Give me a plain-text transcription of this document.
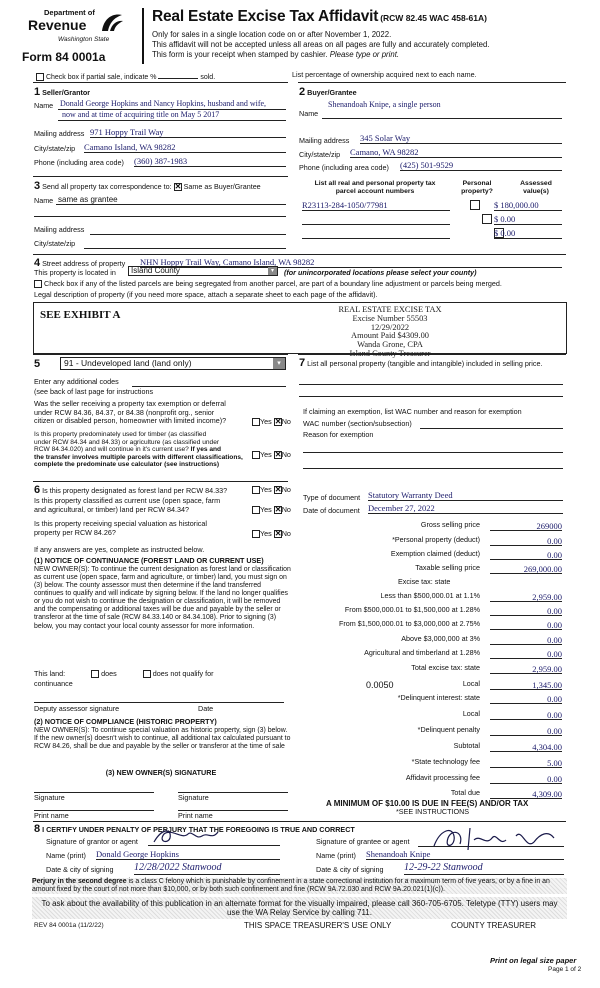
Department of
Revenue
Washington State
Form 84 0001a
Real Estate Excise Tax Affidavit (RCW 82.45 WAC 458-61A)
Only for sales in a single location code on or after November 1, 2022.
This affidavit will not be accepted unless all areas on all pages are fully and accurately completed.
This form is your receipt when stamped by cashier. Please type or print.
Check box if partial sale, indicate %	sold.	List percentage of ownership acquired next to each name.
1 Seller/Grantor
Name Donald George Hopkins and Nancy Hopkins, husband and wife,
now and at time of acquiring title on May 5 2017
Mailing address 971 Hoppy Trail Way
City/state/zip Camano Island, WA 98282
Phone (including area code) (360) 387-1983
2 Buyer/Grantee
Name
Shenandoah Knipe, a single person
Mailing address 345 Solar Way
City/state/zip Camano, WA 98282
Phone (including area code) (425) 501-9529
3 Send all property tax correspondence to: ✕ Same as Buyer/Grantee
Name same as grantee
Mailing address
City/state/zip
List all real and personal property tax
parcel account numbers
Personal
property?
Assessed
value(s)
R23113-284-1050/77981
	$ 180,000.00

$ 0.00
$ 0.00
4 Street address of property NHN Hoppy Trail Way, Camano Island, WA 98282
This property is located in	Island County	▾	(for unincorporated locations please select your county)
Check box if any of the listed parcels are being segregated from another parcel, are part of a boundary line adjustment or parcels being merged.
Legal description of property (if you need more space, attach a separate sheet to each page of the affidavit).
SEE EXHIBIT A	REAL ESTATE EXCISE TAX
Excise Number 55503
12/29/2022
Amount Paid $4309.00
Wanda Grone, CPA
Island County Treasurer
5	91 - Undeveloped land (land only)	▾
Enter any additional codes
(see back of last page for instructions
Was the seller receiving a property tax exemption or deferral
under RCW 84.36, 84.37, or 84.38 (nonprofit org., senior
citizen or disabled person, homeowner with limited income)?	Yes ✕ No
Is this property predominately used for timber (as classified
under RCW 84.34 and 84.33) or agriculture (as classified under
RCW 84.34.020) and will continue in it's current use? If yes and
the transfer involves multiple parcels with different classifications,
complete the predominate use calculator (see instructions)
Yes ✕ No
6 Is this property designated as forest land per RCW 84.33?	Yes ✕ No
Is this property classified as current use (open space, farm
and agricultural, or timber) land per RCW 84.34?	Yes ✕ No
Is this property receiving special valuation as historical
property per RCW 84.26?	Yes ✕ No
If any answers are yes, complete as instructed below.
(1) NOTICE OF CONTINUANCE (FOREST LAND OR CURRENT USE)
NEW OWNER(S): To continue the current designation as forest land or classification as current use (open space, farm and agriculture, or timber) land, you must sign on (3) below. The county assessor must then determine if the land transferred continues to qualify and will indicate by signing below. If the land no longer qualifies or you do not wish to continue the designation or classification, it will be removed and the compensating or additional taxes will be due and payable by the seller or transferor at the time of sale (RCW 84.33.140 or 84.34.108). Prior to signing (3) below, you may contact your local county assessor for more information.
This land:	does	does not qualify for
continuance
Deputy assessor signature	Date
(2) NOTICE OF COMPLIANCE (HISTORIC PROPERTY)
NEW OWNER(S): To continue special valuation as historic property, sign (3) below. If the new owner(s) doesn't wish to continue, all additional tax calculated pursuant to RCW 84.26, shall be due and payable by the seller or transferor at the time of sale
(3) NEW OWNER(S) SIGNATURE
Signature	Signature
Print name	Print name
7 List all personal property (tangible and intangible) included in selling price.
If claiming an exemption, list WAC number and reason for exemption
WAC number (section/subsection)
Reason for exemption
Type of document Statutory Warranty Deed
Date of document December 27, 2022
Gross selling price	269000
*Personal property (deduct)	0.00
Exemption claimed (deduct)	0.00
Taxable selling price	269,000.00
Excise tax: state
Less than $500,000.01 at 1.1%	2,959.00
From $500,000.01 to $1,500,000 at 1.28%	0.00
From $1,500,000.01 to $3,000,000 at 2.75%	0.00
Above $3,000,000 at 3%	0.00
Agricultural and timberland at 1.28%	0.00
Total excise tax: state	2,959.00
0.0050	Local	1,345.00
*Delinquent interest: state	0.00
Local	0.00
*Delinquent penalty	0.00
Subtotal	4,304.00
*State technology fee	5.00
Affidavit processing fee	0.00
Total due	4,309.00
A MINIMUM OF $10.00 IS DUE IN FEE(S) AND/OR TAX
*SEE INSTRUCTIONS
8 I CERTIFY UNDER PENALTY OF PERJURY THAT THE FOREGOING IS TRUE AND CORRECT
Signature of grantor or agent
Name (print) Donald George Hopkins
Date & city of signing 12/28/2022 Stanwood
Signature of grantee or agent
Name (print) Shenandoah Knipe
Date & city of signing 12-29-22 Stanwood
Perjury in the second degree is a class C felony which is punishable by confinement in a state correctional institution for a maximum term of five years, or by a fine in an amount fixed by the court of not more than $10,000, or by both such confinement and fine (RCW 9A.72.030 and RCW 9A.20.021(1)(c)).
To ask about the availability of this publication in an alternate format for the visually impaired, please call 360-705-6705. Teletype (TTY) users may use the WA Relay Service by calling 711.
REV 84 0001a (11/2/22)	THIS SPACE TREASURER'S USE ONLY	COUNTY TREASURER
Print on legal size paper
Page 1 of 2
